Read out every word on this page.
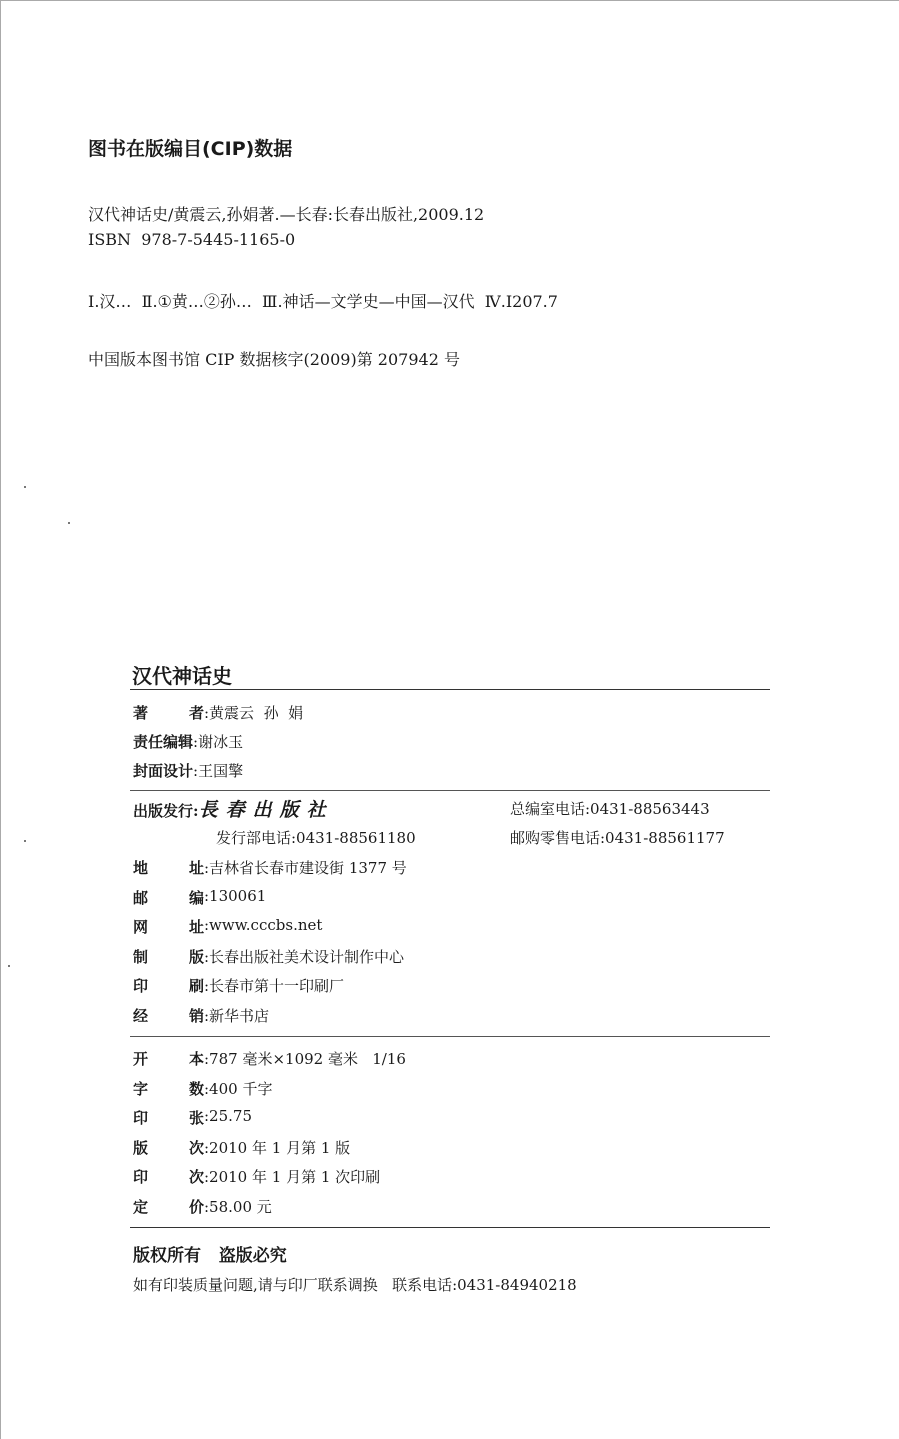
图书在版编目(CIP)数据
汉代神话史/黄震云,孙娟著.—长春:长春出版社,2009.12
ISBN  978-7-5445-1165-0
Ⅰ.汉…  Ⅱ.①黄…②孙…  Ⅲ.神话—文学史—中国—汉代  Ⅳ.I207.7
中国版本图书馆 CIP 数据核字(2009)第 207942 号
汉代神话史
著者 :黄震云  孙  娟
责任编辑 :谢冰玉
封面设计 :王国擎
出版发行 : 長春出版社	总编室电话:0431-88563443
发行部电话:0431-88561180	邮购零售电话:0431-88561177
地址 :吉林省长春市建设街 1377 号
邮编 :130061
网址 :www.cccbs.net
制版 :长春出版社美术设计制作中心
印刷 :长春市第十一印刷厂
经销 :新华书店
开本 :787 毫米×1092 毫米   1/16
字数 :400 千字
印张 :25.75
版次 :2010 年 1 月第 1 版
印次 :2010 年 1 月第 1 次印刷
定价 :58.00 元
版权所有   盗版必究
如有印装质量问题,请与印厂联系调换   联系电话:0431-84940218
